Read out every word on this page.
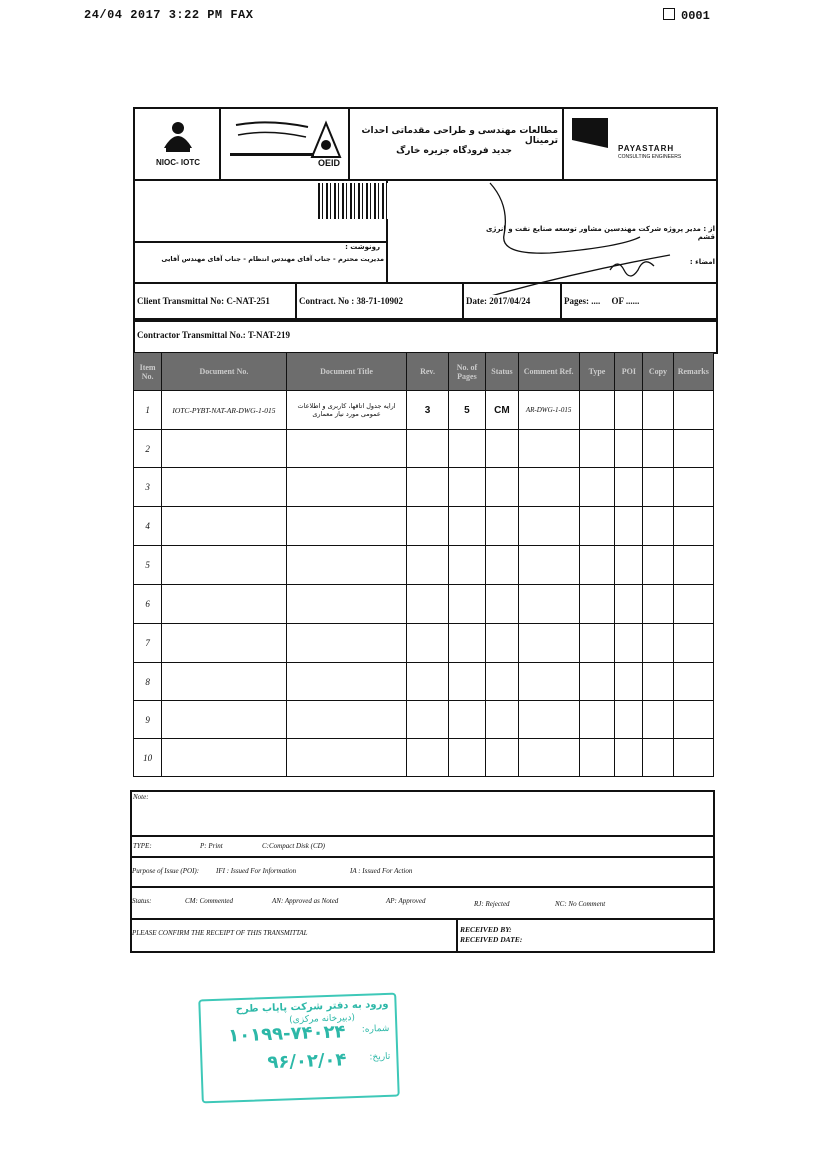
24/04 2017 3:22 PM FAX	0001
NIOC- IOTC	OEID
مطالعات مهندسی و طراحی مقدماتی احداث ترمینال
جدید فرودگاه جزیره خارگ	PAYASTARH
CONSULTING ENGINEERS
از : مدیر پروژه شرکت مهندسین مشاور توسعه صنایع نفت و انرژی قشم
رونوشت :
مدیریت محترم - جناب آقای مهندس انتظام - جناب آقای مهندس آقایی	امضاء :
Client Transmittal No: C-NAT-251	Contract. No : 38-71-10902	Date: 2017/04/24	Pages: ....     OF ......
Contractor Transmittal No.: T-NAT-219
Item No.	Document No.	Document Title	Rev.	No. of Pages	Status	Comment Ref.	Type	POI	Copy	Remarks
1	IOTC-PYBT-NAT-AR-DWG-1-015	ارایه جدول اتاقها، کاربری و اطلاعات عمومی مورد نیاز معماری	3	5	CM	AR-DWG-1-015				
2										
3										
4										
5										
6										
7										
8										
9										
10										
Note:
TYPE:	P: Print	C:Compact Disk (CD)
Purpose of Issue (POI): IFI : Issued For Information	IA : Issued For Action
Status:	CM: Commented	AN: Approved as Noted	AP: Approved	RJ: Rejected	NC: No Comment
PLEASE CONFIRM THE RECEIPT OF THIS TRANSMITTAL	RECEIVED BY:
RECEIVED DATE:
ورود به دفتر شرکت پایاب طرح
(دبیرخانه مرکزی)
شماره:
۱۰۱۹۹-۷۴۰۲۴
تاریخ:
۹۶/۰۲/۰۴
